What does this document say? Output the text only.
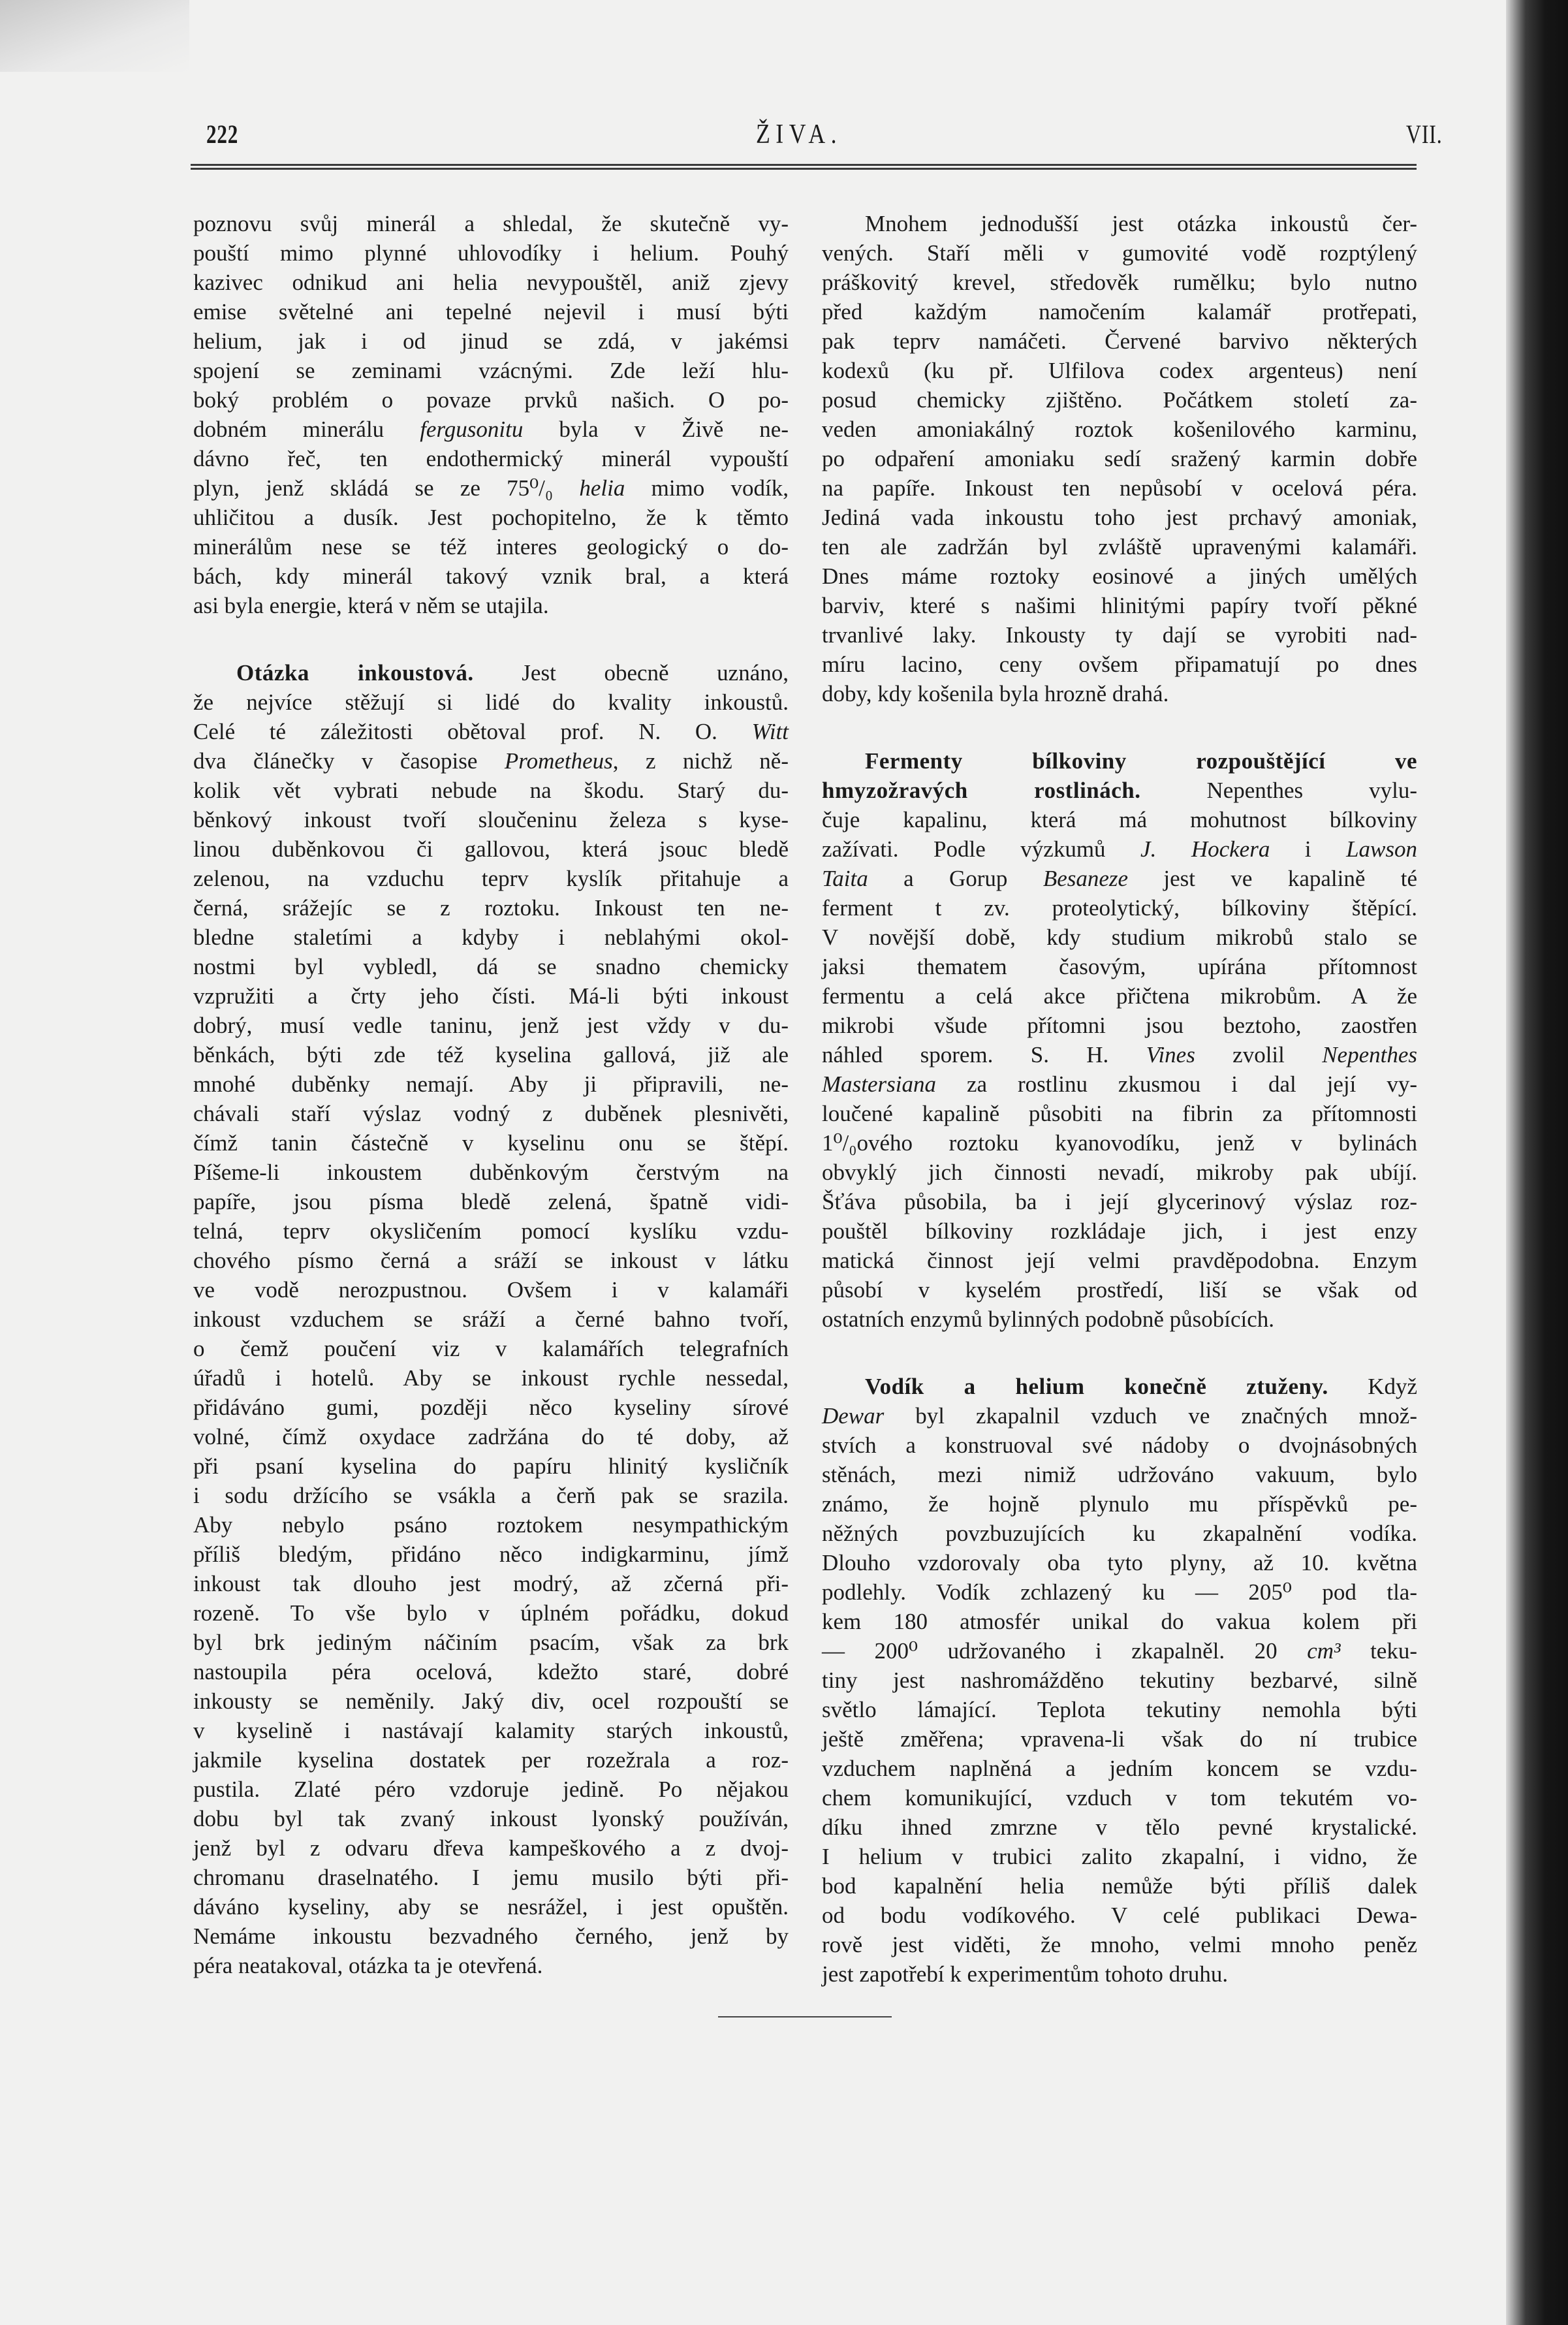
222	ŽIVA.	VII.
poznovu svůj minerál a shledal, že skutečně vy-
pouští mimo plynné uhlovodíky i helium. Pouhý
kazivec odnikud ani helia nevypouštěl, aniž zjevy
emise světelné ani tepelné nejevil i musí býti
helium, jak i od jinud se zdá, v jakémsi
spojení se zeminami vzácnými. Zde leží hlu-
boký problém o povaze prvků našich. O po-
dobném minerálu fergusonitu byla v Živě ne-
dávno řeč, ten endothermický minerál vypouští
plyn, jenž skládá se ze 75⁰/₀ helia mimo vodík,
uhličitou a dusík. Jest pochopitelno, že k těmto
minerálům nese se též interes geologický o do-
bách, kdy minerál takový vznik bral, a která
asi byla energie, která v něm se utajila.
Otázka inkoustová. Jest obecně uznáno,
že nejvíce stěžují si lidé do kvality inkoustů.
Celé té záležitosti obětoval prof. N. O. Witt
dva článečky v časopise Prometheus, z nichž ně-
kolik vět vybrati nebude na škodu. Starý du-
běnkový inkoust tvoří sloučeninu železa s kyse-
linou duběnkovou či gallovou, která jsouc bledě
zelenou, na vzduchu teprv kyslík přitahuje a
černá, srážejíc se z roztoku. Inkoust ten ne-
bledne staletími a kdyby i neblahými okol-
nostmi byl vybledl, dá se snadno chemicky
vzpružiti a črty jeho čísti. Má-li býti inkoust
dobrý, musí vedle taninu, jenž jest vždy v du-
běnkách, býti zde též kyselina gallová, již ale
mnohé duběnky nemají. Aby ji připravili, ne-
chávali staří výslaz vodný z duběnek plesnivěti,
čímž tanin částečně v kyselinu onu se štěpí.
Píšeme-li inkoustem duběnkovým čerstvým na
papíře, jsou písma bledě zelená, špatně vidi-
telná, teprv okysličením pomocí kyslíku vzdu-
chového písmo černá a sráží se inkoust v látku
ve vodě nerozpustnou. Ovšem i v kalamáři
inkoust vzduchem se sráží a černé bahno tvoří,
o čemž poučení viz v kalamářích telegrafních
úřadů i hotelů. Aby se inkoust rychle nessedal,
přidáváno gumi, později něco kyseliny sírové
volné, čímž oxydace zadržána do té doby, až
při psaní kyselina do papíru hlinitý kysličník
i sodu držícího se vsákla a čerň pak se srazila.
Aby nebylo psáno roztokem nesympathickým
příliš bledým, přidáno něco indigkarminu, jímž
inkoust tak dlouho jest modrý, až zčerná při-
rozeně. To vše bylo v úplném pořádku, dokud
byl brk jediným náčiním psacím, však za brk
nastoupila péra ocelová, kdežto staré, dobré
inkousty se neměnily. Jaký div, ocel rozpouští se
v kyselině i nastávají kalamity starých inkoustů,
jakmile kyselina dostatek per rozežrala a roz-
pustila. Zlaté péro vzdoruje jedině. Po nějakou
dobu byl tak zvaný inkoust lyonský používán,
jenž byl z odvaru dřeva kampeškového a z dvoj-
chromanu draselnatého. I jemu musilo býti při-
dáváno kyseliny, aby se nesrážel, i jest opuštěn.
Nemáme inkoustu bezvadného černého, jenž by
péra neatakoval, otázka ta je otevřená.
Mnohem jednodušší jest otázka inkoustů čer-
vených. Staří měli v gumovité vodě rozptýlený
práškovitý krevel, středověk rumělku; bylo nutno
před každým namočením kalamář protřepati,
pak teprv namáčeti. Červené barvivo některých
kodexů (ku př. Ulfilova codex argenteus) není
posud chemicky zjištěno. Počátkem století za-
veden amoniakálný roztok košenilového karminu,
po odpaření amoniaku sedí sražený karmin dobře
na papíře. Inkoust ten nepůsobí v ocelová péra.
Jediná vada inkoustu toho jest prchavý amoniak,
ten ale zadržán byl zvláště upravenými kalamáři.
Dnes máme roztoky eosinové a jiných umělých
barviv, které s našimi hlinitými papíry tvoří pěkné
trvanlivé laky. Inkousty ty dají se vyrobiti nad-
míru lacino, ceny ovšem připamatují po dnes
doby, kdy košenila byla hrozně drahá.
Fermenty bílkoviny rozpouštějící ve
hmyzožravých rostlinách. Nepenthes vylu-
čuje kapalinu, která má mohutnost bílkoviny
zažívati. Podle výzkumů J. Hockera i Lawson
Taita a Gorup Besaneze jest ve kapalině té
ferment t zv. proteolytický, bílkoviny štěpící.
V novější době, kdy studium mikrobů stalo se
jaksi thematem časovým, upírána přítomnost
fermentu a celá akce přičtena mikrobům. A že
mikrobi všude přítomni jsou beztoho, zaostřen
náhled sporem. S. H. Vines zvolil Nepenthes
Mastersiana za rostlinu zkusmou i dal její vy-
loučené kapalině působiti na fibrin za přítomnosti
1⁰/₀ového roztoku kyanovodíku, jenž v bylinách
obvyklý jich činnosti nevadí, mikroby pak ubíjí.
Šťáva působila, ba i její glycerinový výslaz roz-
pouštěl bílkoviny rozkládaje jich, i jest enzy
matická činnost její velmi pravděpodobna. Enzym
působí v kyselém prostředí, liší se však od
ostatních enzymů bylinných podobně působících.
Vodík a helium konečně ztuženy. Když
Dewar byl zkapalnil vzduch ve značných množ-
stvích a konstruoval své nádoby o dvojnásobných
stěnách, mezi nimiž udržováno vakuum, bylo
známo, že hojně plynulo mu příspěvků pe-
něžných povzbuzujících ku zkapalnění vodíka.
Dlouho vzdorovaly oba tyto plyny, až 10. května
podlehly. Vodík zchlazený ku — 205⁰ pod tla-
kem 180 atmosfér unikal do vakua kolem při
— 200⁰ udržovaného i zkapalněl. 20 cm³ teku-
tiny jest nashromážděno tekutiny bezbarvé, silně
světlo lámající. Teplota tekutiny nemohla býti
ještě změřena; vpravena-li však do ní trubice
vzduchem naplněná a jedním koncem se vzdu-
chem komunikující, vzduch v tom tekutém vo-
díku ihned zmrzne v tělo pevné krystalické.
I helium v trubici zalito zkapalní, i vidno, že
bod kapalnění helia nemůže býti příliš dalek
od bodu vodíkového. V celé publikaci Dewa-
rově jest viděti, že mnoho, velmi mnoho peněz
jest zapotřebí k experimentům tohoto druhu.
